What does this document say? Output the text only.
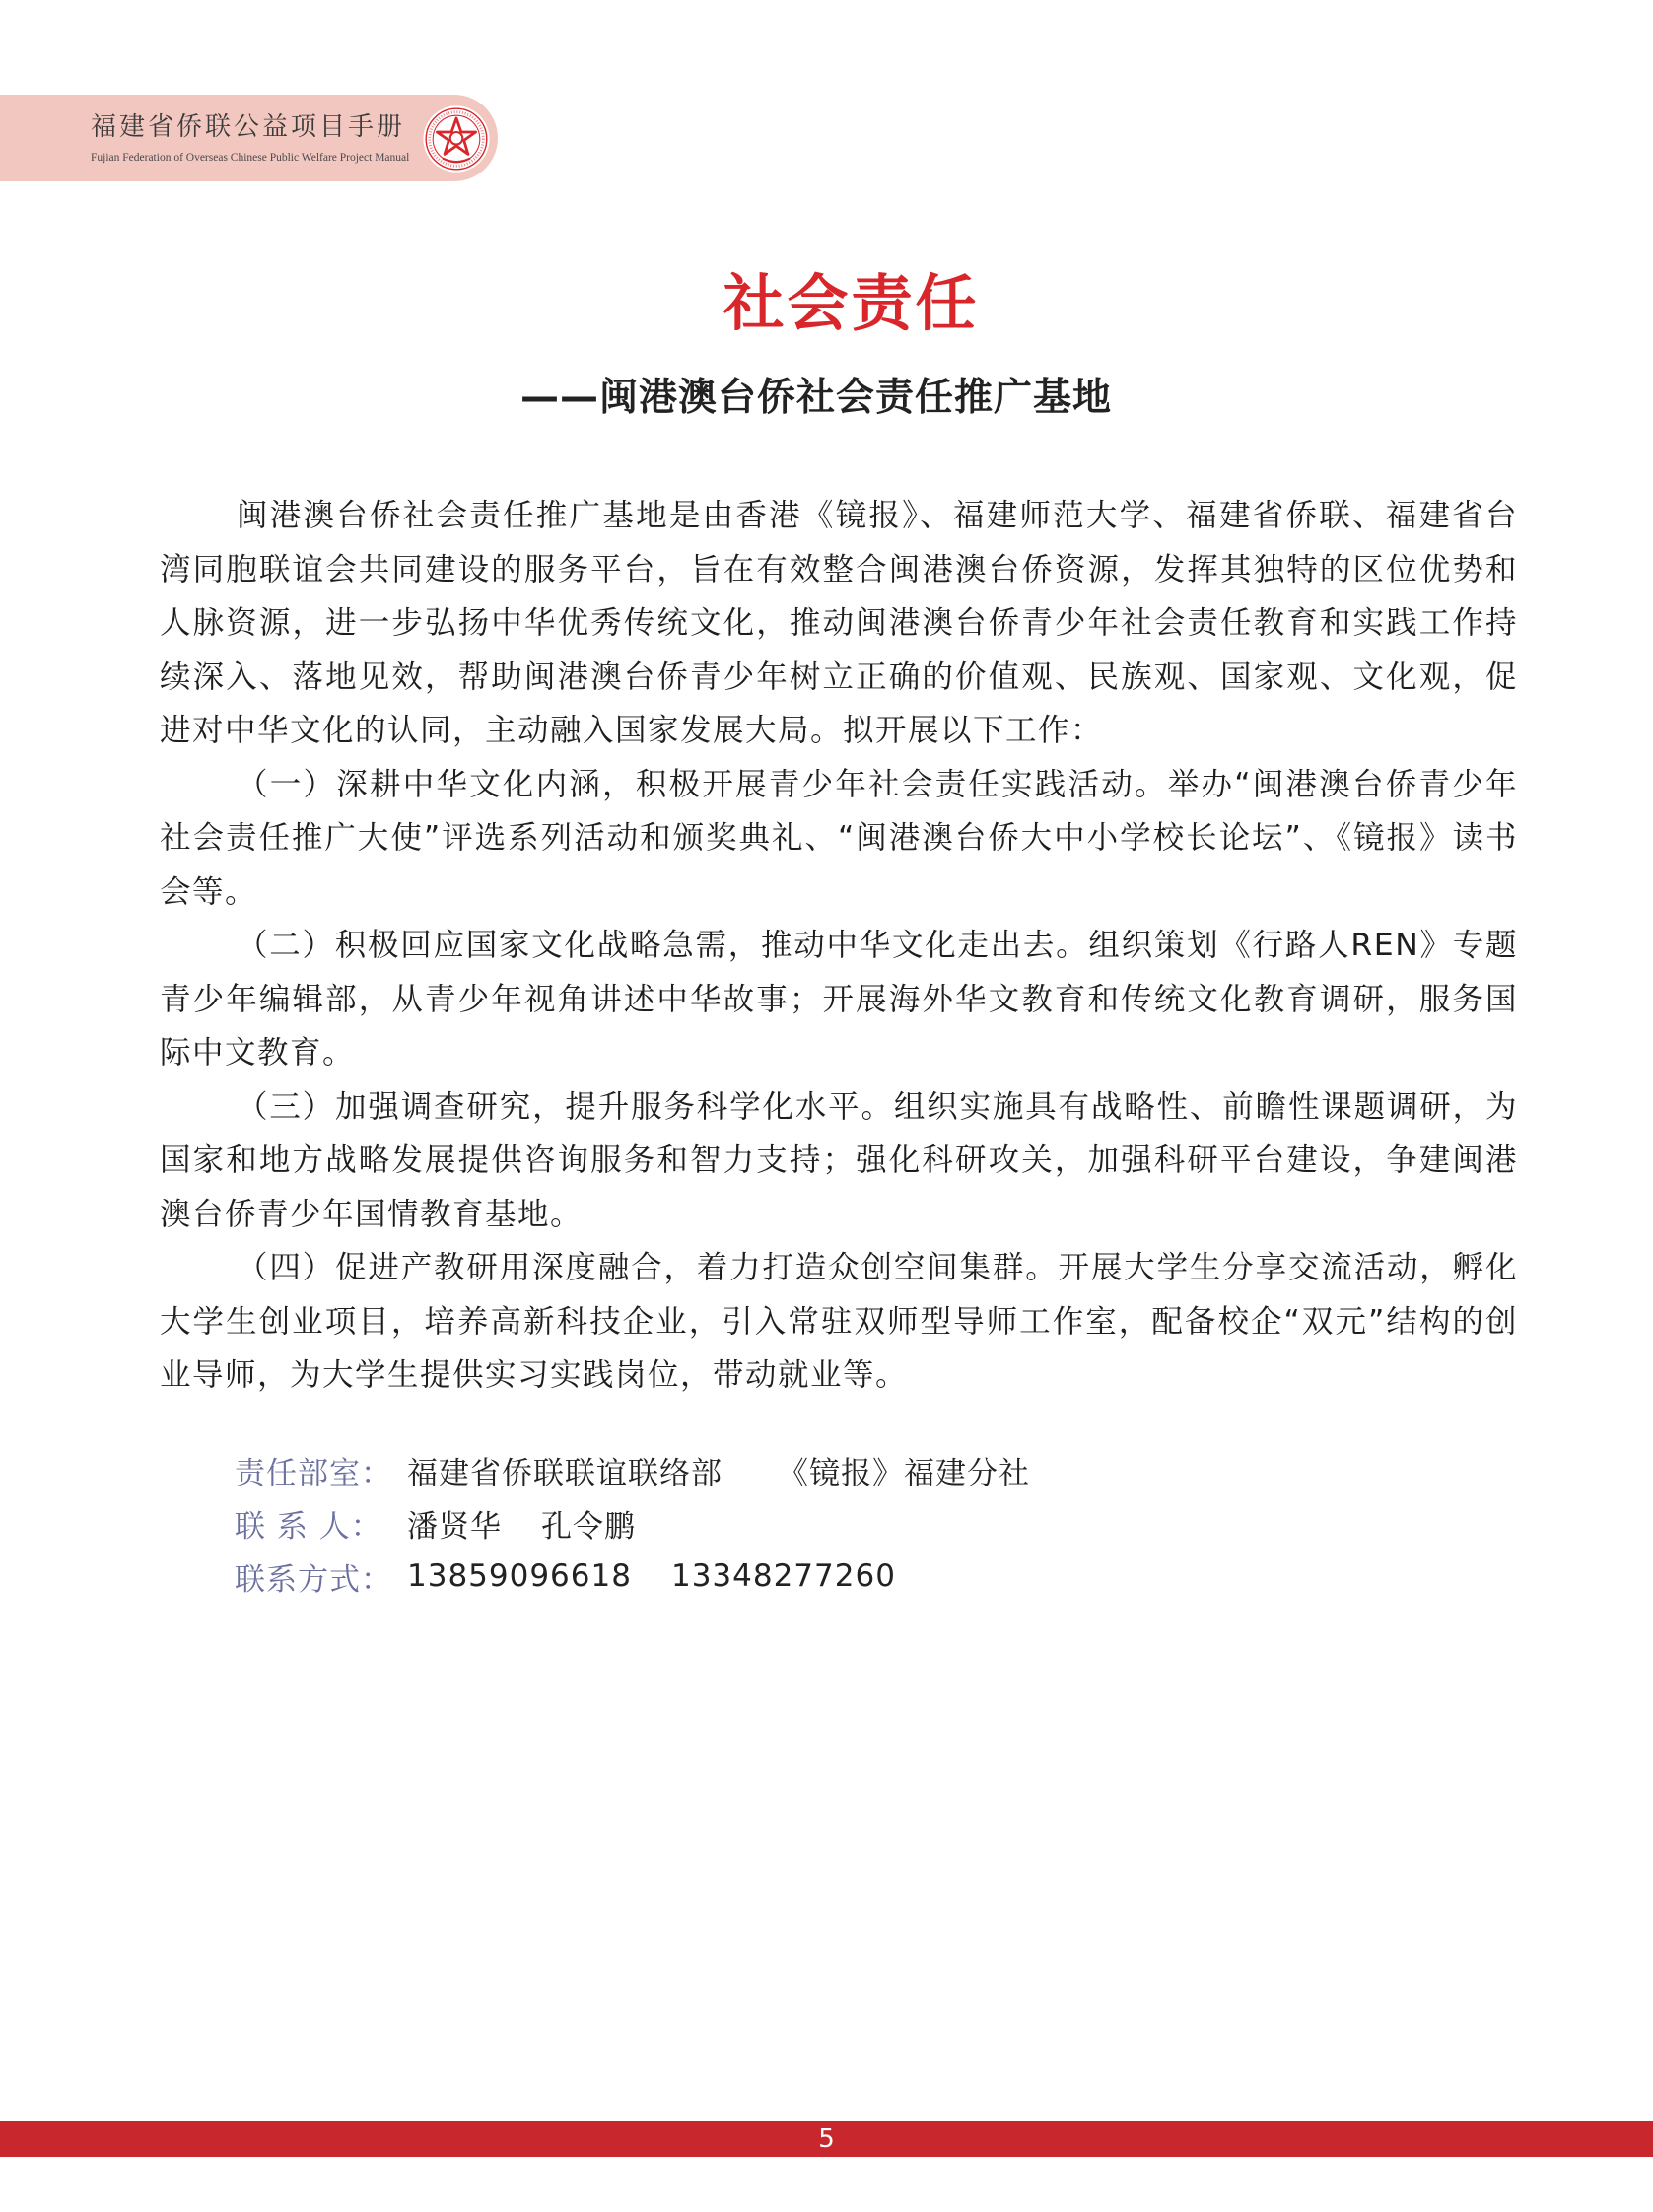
福建省侨联公益项目手册
Fujian Federation of Overseas Chinese Public Welfare Project Manual
社会责任
——闽港澳台侨社会责任推广基地

闽港澳台侨社会责任推广基地是由香港《镜报》、福建师范大学、福建省侨联、福建省台湾同胞联谊会共同建设的服务平台，旨在有效整合闽港澳台侨资源，发挥其独特的区位优势和人脉资源，进一步弘扬中华优秀传统文化，推动闽港澳台侨青少年社会责任教育和实践工作持续深入、落地见效，帮助闽港澳台侨青少年树立正确的价值观、民族观、国家观、文化观，促进对中华文化的认同，主动融入国家发展大局。拟开展以下工作：

（一）深耕中华文化内涵，积极开展青少年社会责任实践活动。举办“闽港澳台侨青少年社会责任推广大使”评选系列活动和颁奖典礼、“闽港澳台侨大中小学校长论坛”、《镜报》读书会等。

（二）积极回应国家文化战略急需，推动中华文化走出去。组织策划《行路人REN》专题青少年编辑部，从青少年视角讲述中华故事；开展海外华文教育和传统文化教育调研，服务国际中文教育。

（三）加强调查研究，提升服务科学化水平。组织实施具有战略性、前瞻性课题调研，为国家和地方战略发展提供咨询服务和智力支持；强化科研攻关，加强科研平台建设，争建闽港澳台侨青少年国情教育基地。

（四）促进产教研用深度融合，着力打造众创空间集群。开展大学生分享交流活动，孵化大学生创业项目，培养高新科技企业，引入常驻双师型导师工作室，配备校企“双元”结构的创业导师，为大学生提供实习实践岗位，带动就业等。

责任部室： 福建省侨联联谊联络部 《镜报》福建分社
联 系 人： 潘贤华 孔令鹏
联系方式： 13859096618 13348277260
5
